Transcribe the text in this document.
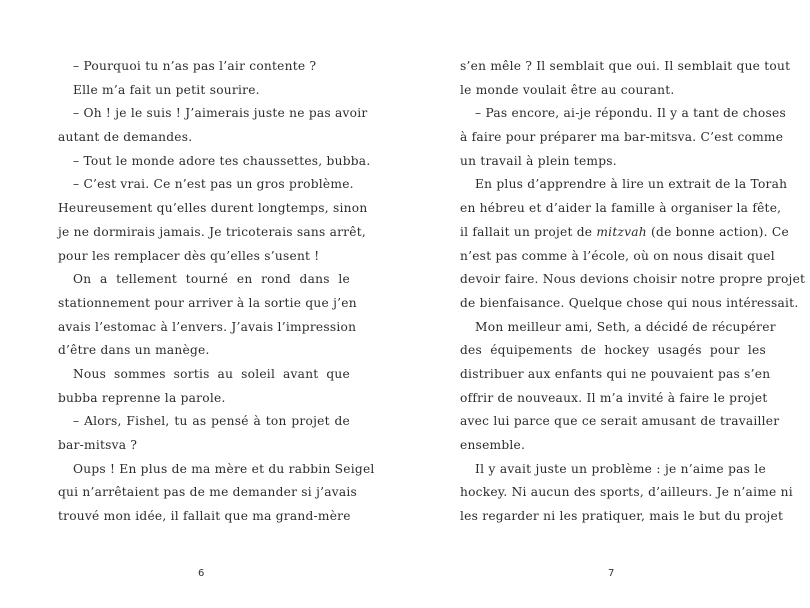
– Pourquoi tu n’as pas l’air contente ?
Elle m’a fait un petit sourire.
– Oh ! je le suis ! J’aimerais juste ne pas avoir
autant de demandes.
– Tout le monde adore tes chaussettes, bubba.
– C’est vrai. Ce n’est pas un gros problème.
Heureusement qu’elles durent longtemps, sinon
je ne dormirais jamais. Je tricoterais sans arrêt,
pour les remplacer dès qu’elles s’usent !
On a tellement tourné en rond dans le
stationnement pour arriver à la sortie que j’en
avais l’estomac à l’envers. J’avais l’impression
d’être dans un manège.
Nous sommes sortis au soleil avant que
bubba reprenne la parole.
– Alors, Fishel, tu as pensé à ton projet de
bar-mitsva ?
Oups ! En plus de ma mère et du rabbin Seigel
qui n’arrêtaient pas de me demander si j’avais
trouvé mon idée, il fallait que ma grand-mère
6
s’en mêle ? Il semblait que oui. Il semblait que tout
le monde voulait être au courant.
– Pas encore, ai-je répondu. Il y a tant de choses
à faire pour préparer ma bar-mitsva. C’est comme
un travail à plein temps.
En plus d’apprendre à lire un extrait de la Torah
en hébreu et d’aider la famille à organiser la fête,
il fallait un projet de mitzvah (de bonne action). Ce
n’est pas comme à l’école, où on nous disait quel
devoir faire. Nous devions choisir notre propre projet
de bienfaisance. Quelque chose qui nous intéressait.
Mon meilleur ami, Seth, a décidé de récupérer
des équipements de hockey usagés pour les
distribuer aux enfants qui ne pouvaient pas s’en
offrir de nouveaux. Il m’a invité à faire le projet
avec lui parce que ce serait amusant de travailler
ensemble.
Il y avait juste un problème : je n’aime pas le
hockey. Ni aucun des sports, d’ailleurs. Je n’aime ni
les regarder ni les pratiquer, mais le but du projet
7
